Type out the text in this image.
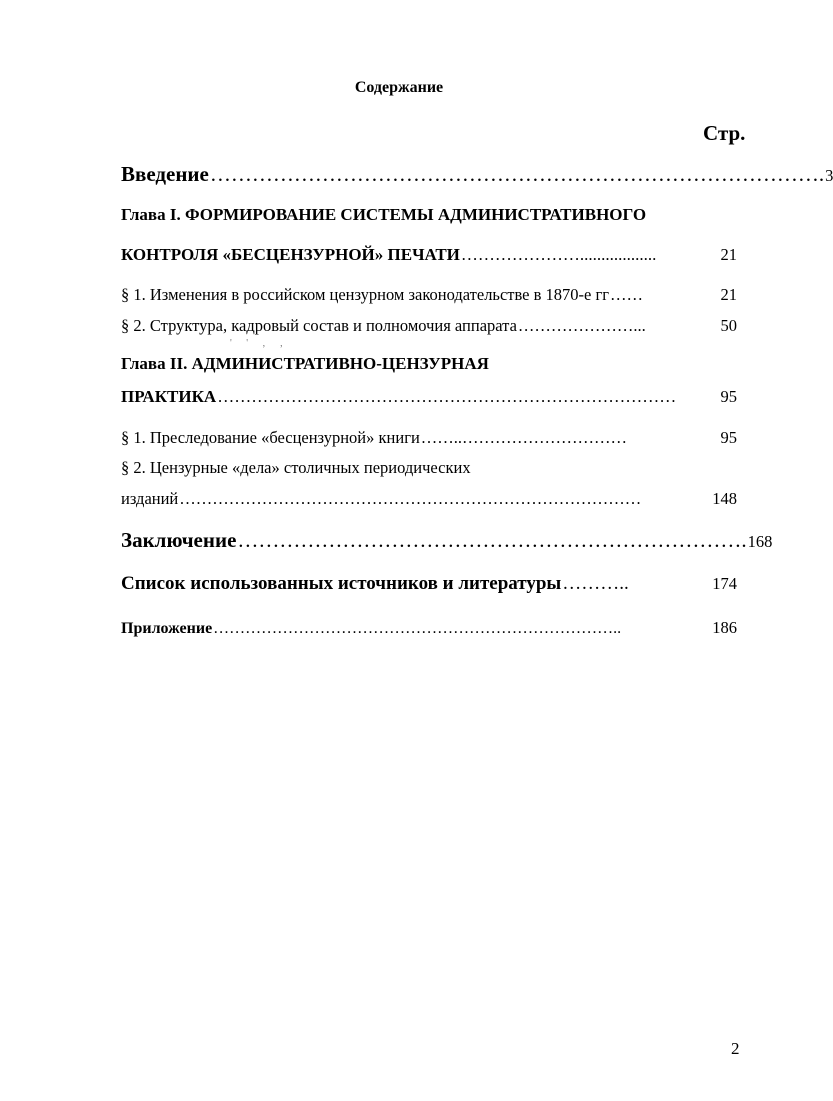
Содержание
Стр.
Введение ……………………………………………………………………………. 3
Глава I. ФОРМИРОВАНИЕ СИСТЕМЫ АДМИНИСТРАТИВНОГО
КОНТРОЛЯ «БЕСЦЕНЗУРНОЙ» ПЕЧАТИ …………………..................	21
§ 1. Изменения в российском цензурном законодательстве в 1870-е гг ……	21
§ 2. Структура, кадровый состав и полномочия аппарата …………………...	50
' ' , ‚
Глава II. АДМИНИСТРАТИВНО-ЦЕНЗУРНАЯ
ПРАКТИКА ………………………………………………………………………	95
§ 1. Преследование «бесцензурной» книги ……..…………………………	95
§ 2. Цензурные «дела» столичных периодических
изданий …………………………………………………………………………	148
Заключение ………………………………………………………………. 168
Список использованных источников и литературы ………..	174
Приложение …………………………………………………………………..	186
2
